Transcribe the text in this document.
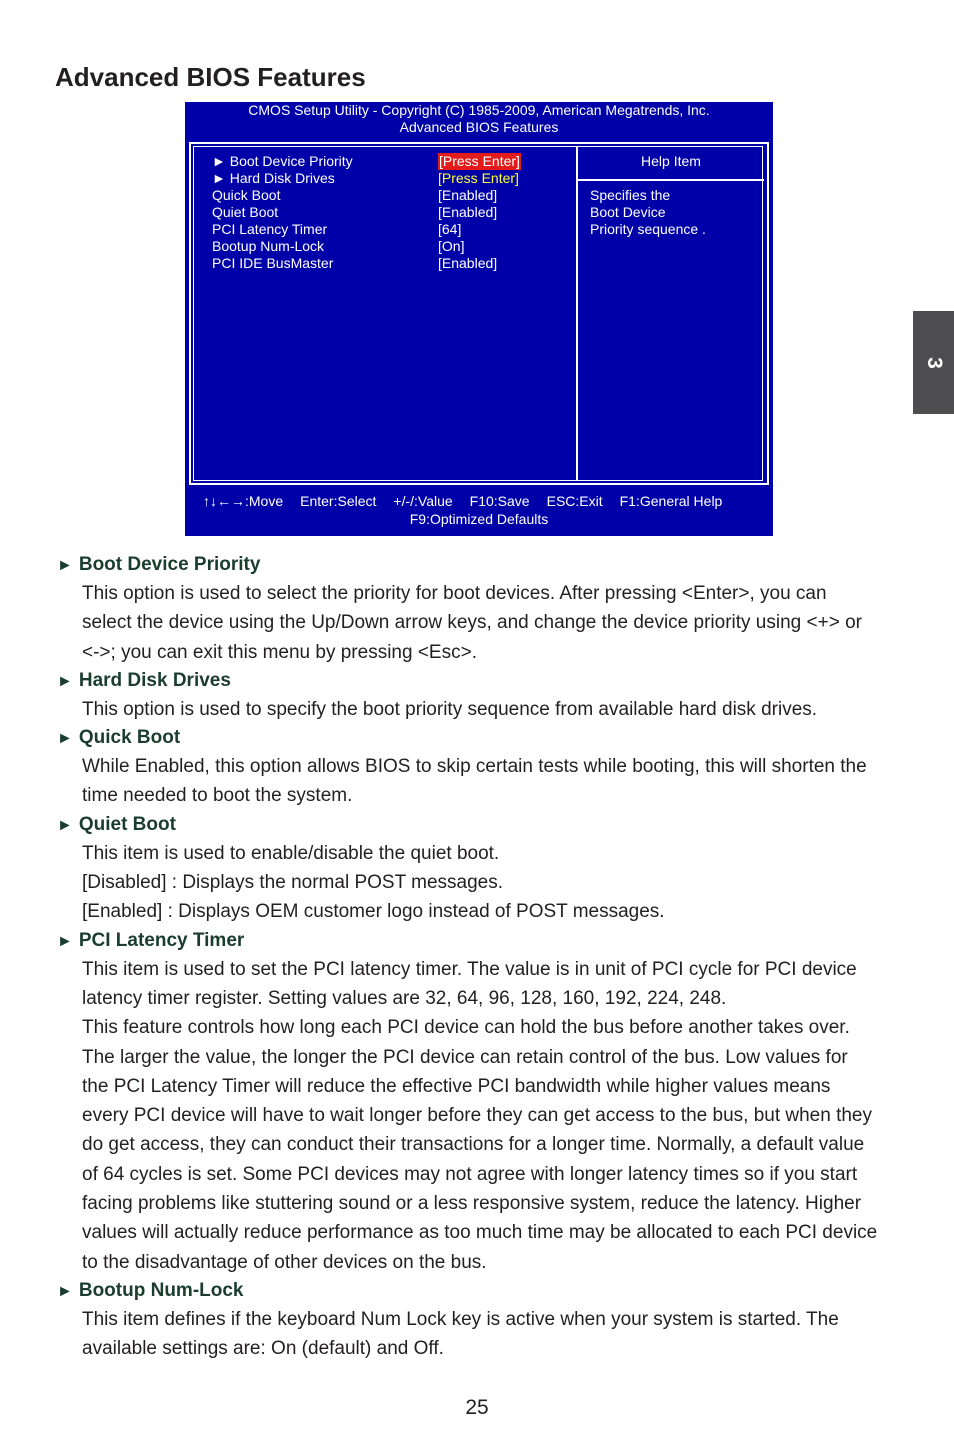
Advanced BIOS Features
3
CMOS Setup Utility - Copyright (C) 1985-2009, American Megatrends, Inc.
Advanced BIOS Features
► Boot Device Priority	[Press Enter]
► Hard Disk Drives	[Press Enter]
Quick Boot	[Enabled]
Quiet Boot	[Enabled]
PCI Latency Timer	[64]
Bootup Num-Lock	[On]
PCI IDE BusMaster	[Enabled]
Help Item
Specifies the
Boot Device
Priority sequence .
↑↓←→:Move Enter:Select +/-/:Value F10:Save ESC:Exit F1:General Help
F9:Optimized Defaults
► Boot Device Priority
This option is used to select the priority for boot devices. After pressing <Enter>, you can
select the device using the Up/Down arrow keys, and change the device priority using <+> or
<->; you can exit this menu by pressing <Esc>.
► Hard Disk Drives
This option is used to specify the boot priority sequence from available hard disk drives.
► Quick Boot
While Enabled, this option allows BIOS to skip certain tests while booting, this will shorten the
time needed to boot the system.
► Quiet Boot
This item is used to enable/disable the quiet boot.
[Disabled] : Displays the normal POST messages.
[Enabled] : Displays OEM customer logo instead of POST messages.
► PCI Latency Timer
This item is used to set the PCI latency timer. The value is in unit of PCI cycle for PCI device
latency timer register. Setting values are 32, 64, 96, 128, 160, 192, 224, 248.
This feature controls how long each PCI device can hold the bus before another takes over.
The larger the value, the longer the PCI device can retain control of the bus. Low values for
the PCI Latency Timer will reduce the effective PCI bandwidth while higher values means
every PCI device will have to wait longer before they can get access to the bus, but when they
do get access, they can conduct their transactions for a longer time. Normally, a default value
of 64 cycles is set. Some PCI devices may not agree with longer latency times so if you start
facing problems like stuttering sound or a less responsive system, reduce the latency. Higher
values will actually reduce performance as too much time may be allocated to each PCI device
to the disadvantage of other devices on the bus.
► Bootup Num-Lock
This item defines if the keyboard Num Lock key is active when your system is started. The
available settings are: On (default) and Off.
25
